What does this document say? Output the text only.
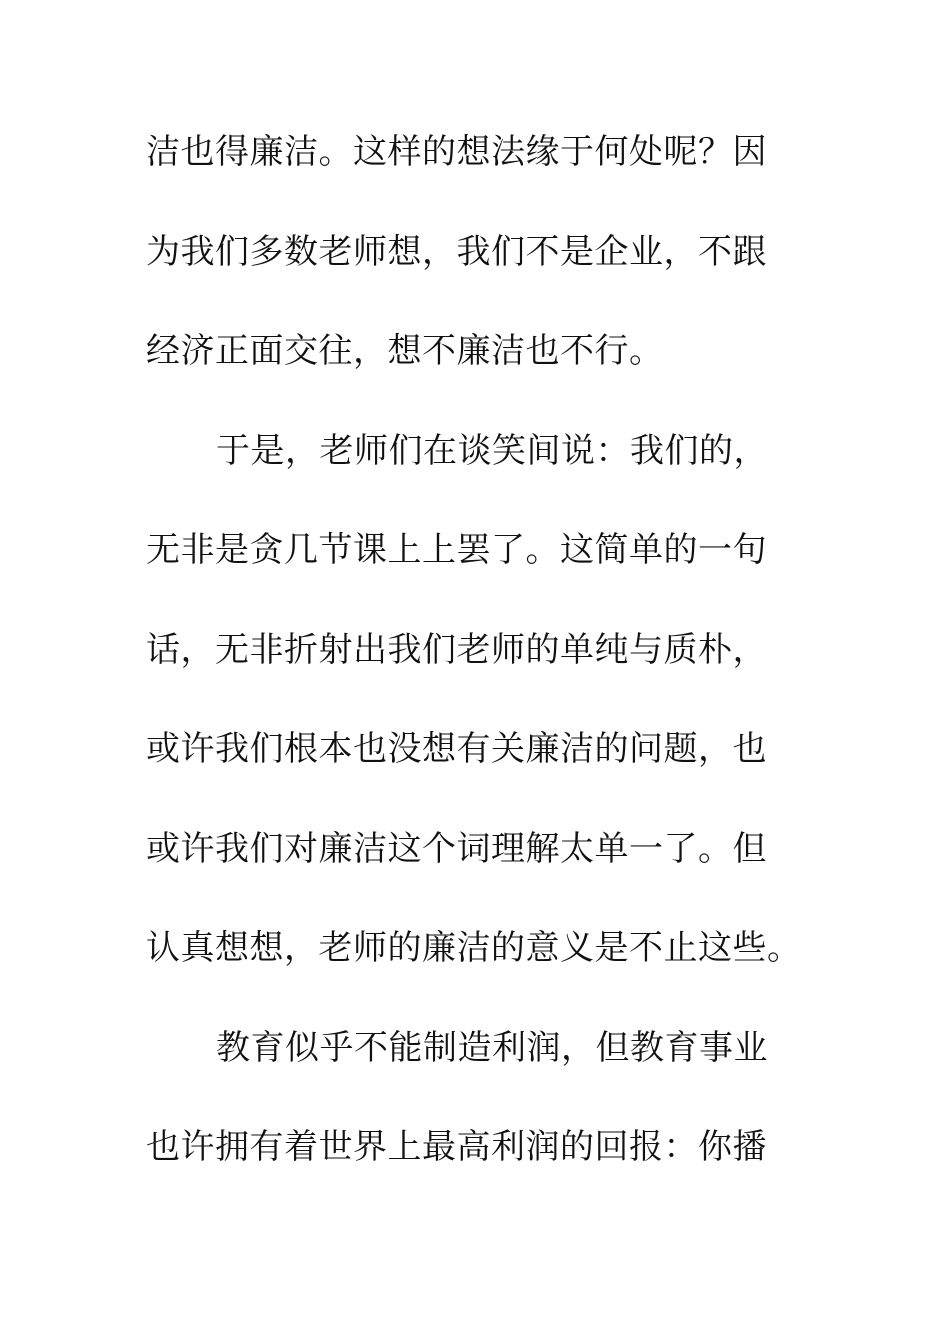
洁也得廉洁。这样的想法缘于何处呢？因
为我们多数老师想，我们不是企业，不跟
经济正面交往，想不廉洁也不行。
于是，老师们在谈笑间说：我们的，
无非是贪几节课上上罢了。这简单的一句
话，无非折射出我们老师的单纯与质朴，
或许我们根本也没想有关廉洁的问题，也
或许我们对廉洁这个词理解太单一了。但
认真想想，老师的廉洁的意义是不止这些。
教育似乎不能制造利润，但教育事业
也许拥有着世界上最高利润的回报：你播
